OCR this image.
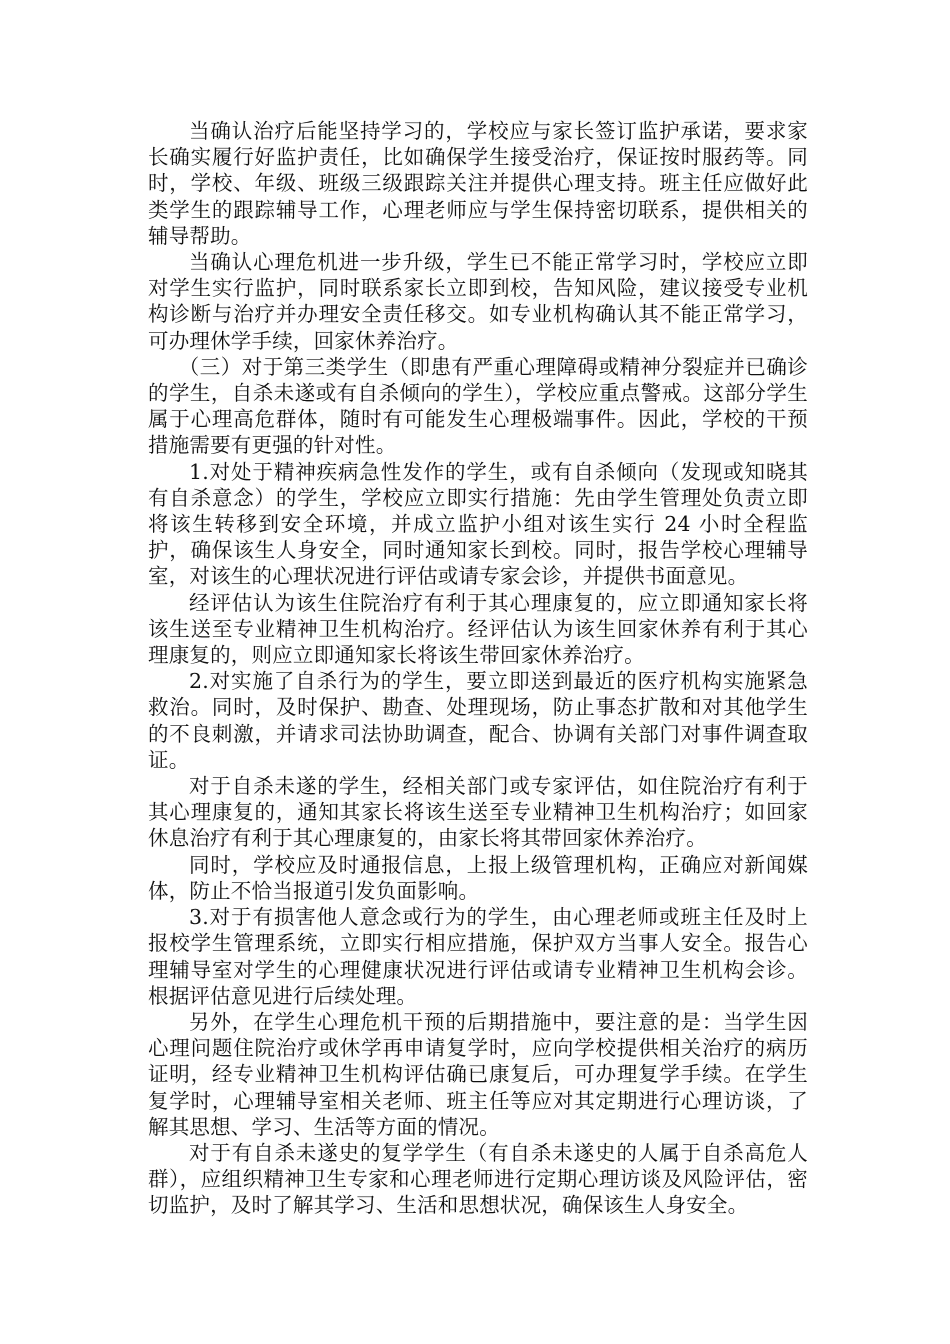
当确认治疗后能坚持学习的，学校应与家长签订监护承诺，要求家长确实履行好监护责任，比如确保学生接受治疗，保证按时服药等。同时，学校、年级、班级三级跟踪关注并提供心理支持。班主任应做好此类学生的跟踪辅导工作，心理老师应与学生保持密切联系，提供相关的辅导帮助。

当确认心理危机进一步升级，学生已不能正常学习时，学校应立即对学生实行监护，同时联系家长立即到校，告知风险，建议接受专业机构诊断与治疗并办理安全责任移交。如专业机构确认其不能正常学习，可办理休学手续，回家休养治疗。

（三）对于第三类学生（即患有严重心理障碍或精神分裂症并已确诊的学生，自杀未遂或有自杀倾向的学生），学校应重点警戒。这部分学生属于心理高危群体，随时有可能发生心理极端事件。因此，学校的干预措施需要有更强的针对性。

1.对处于精神疾病急性发作的学生，或有自杀倾向（发现或知晓其有自杀意念）的学生，学校应立即实行措施：先由学生管理处负责立即将该生转移到安全环境，并成立监护小组对该生实行 24 小时全程监护，确保该生人身安全，同时通知家长到校。同时，报告学校心理辅导室，对该生的心理状况进行评估或请专家会诊，并提供书面意见。

经评估认为该生住院治疗有利于其心理康复的，应立即通知家长将该生送至专业精神卫生机构治疗。经评估认为该生回家休养有利于其心理康复的，则应立即通知家长将该生带回家休养治疗。

2.对实施了自杀行为的学生，要立即送到最近的医疗机构实施紧急救治。同时，及时保护、勘查、处理现场，防止事态扩散和对其他学生的不良刺激，并请求司法协助调查，配合、协调有关部门对事件调查取证。

对于自杀未遂的学生，经相关部门或专家评估，如住院治疗有利于其心理康复的，通知其家长将该生送至专业精神卫生机构治疗；如回家休息治疗有利于其心理康复的，由家长将其带回家休养治疗。

同时，学校应及时通报信息，上报上级管理机构，正确应对新闻媒体，防止不恰当报道引发负面影响。

3.对于有损害他人意念或行为的学生，由心理老师或班主任及时上报校学生管理系统，立即实行相应措施，保护双方当事人安全。报告心理辅导室对学生的心理健康状况进行评估或请专业精神卫生机构会诊。根据评估意见进行后续处理。

另外，在学生心理危机干预的后期措施中，要注意的是：当学生因心理问题住院治疗或休学再申请复学时，应向学校提供相关治疗的病历证明，经专业精神卫生机构评估确已康复后，可办理复学手续。在学生复学时，心理辅导室相关老师、班主任等应对其定期进行心理访谈，了解其思想、学习、生活等方面的情况。

对于有自杀未遂史的复学学生（有自杀未遂史的人属于自杀高危人群），应组织精神卫生专家和心理老师进行定期心理访谈及风险评估，密切监护，及时了解其学习、生活和思想状况，确保该生人身安全。
